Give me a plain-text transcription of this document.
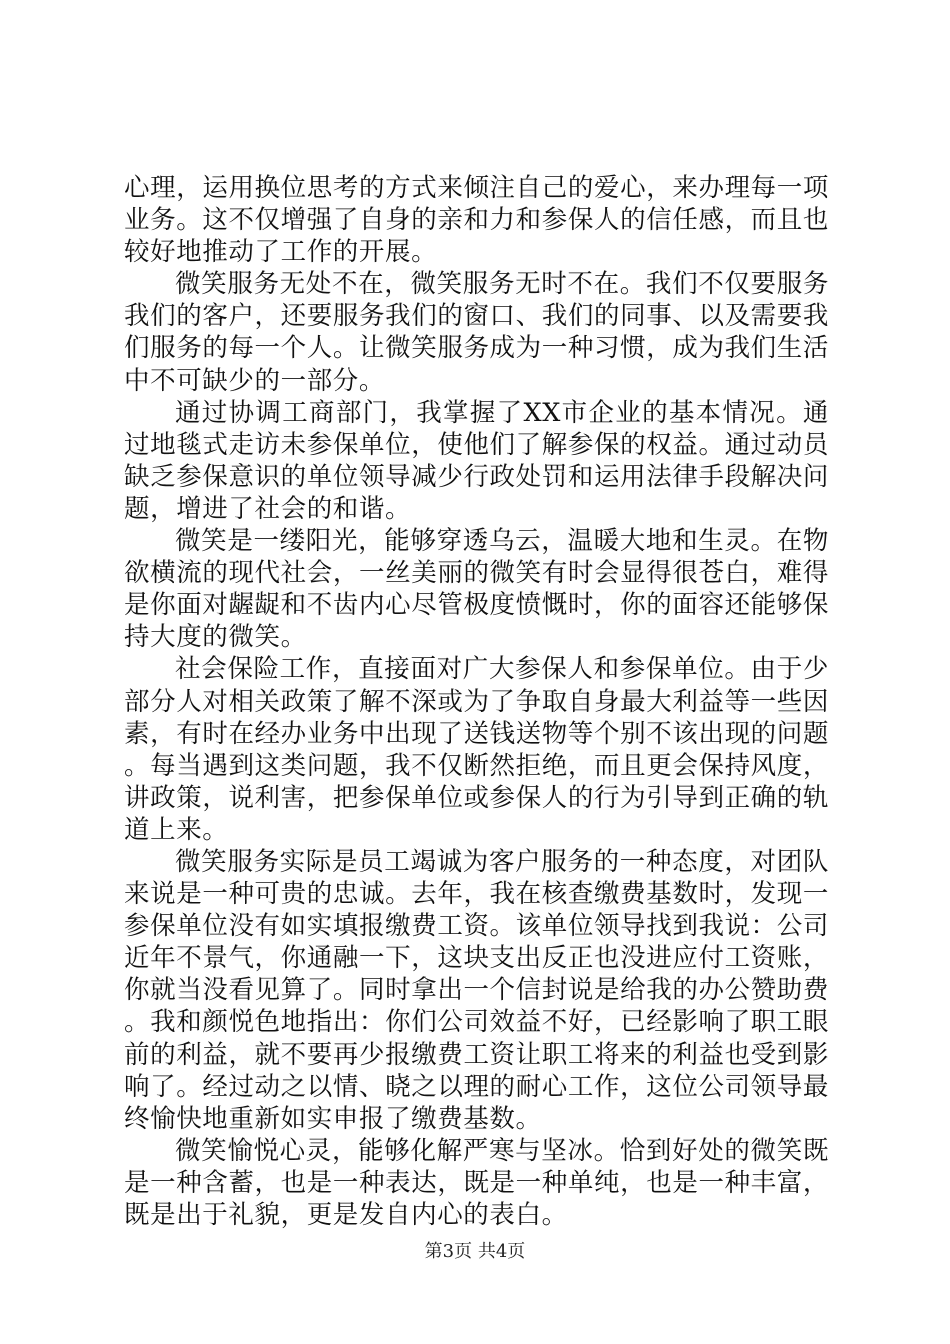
心理，运用换位思考的方式来倾注自己的爱心，来办理每一项业务。这不仅增强了自身的亲和力和参保人的信任感，而且也较好地推动了工作的开展。

微笑服务无处不在，微笑服务无时不在。我们不仅要服务我们的客户，还要服务我们的窗口、我们的同事、以及需要我们服务的每一个人。让微笑服务成为一种习惯，成为我们生活中不可缺少的一部分。

通过协调工商部门，我掌握了XX市企业的基本情况。通过地毯式走访未参保单位，使他们了解参保的权益。通过动员缺乏参保意识的单位领导减少行政处罚和运用法律手段解决问题，增进了社会的和谐。

微笑是一缕阳光，能够穿透乌云，温暖大地和生灵。在物欲横流的现代社会，一丝美丽的微笑有时会显得很苍白，难得是你面对龌龊和不齿内心尽管极度愤慨时，你的面容还能够保持大度的微笑。

社会保险工作，直接面对广大参保人和参保单位。由于少部分人对相关政策了解不深或为了争取自身最大利益等一些因素，有时在经办业务中出现了送钱送物等个别不该出现的问题。每当遇到这类问题，我不仅断然拒绝，而且更会保持风度，讲政策，说利害，把参保单位或参保人的行为引导到正确的轨道上来。

微笑服务实际是员工竭诚为客户服务的一种态度，对团队来说是一种可贵的忠诚。去年，我在核查缴费基数时，发现一参保单位没有如实填报缴费工资。该单位领导找到我说：公司近年不景气，你通融一下，这块支出反正也没进应付工资账，你就当没看见算了。同时拿出一个信封说是给我的办公赞助费。我和颜悦色地指出：你们公司效益不好，已经影响了职工眼前的利益，就不要再少报缴费工资让职工将来的利益也受到影响了。经过动之以情、晓之以理的耐心工作，这位公司领导最终愉快地重新如实申报了缴费基数。

微笑愉悦心灵，能够化解严寒与坚冰。恰到好处的微笑既是一种含蓄，也是一种表达，既是一种单纯，也是一种丰富，既是出于礼貌，更是发自内心的表白。

第3页 共4页
